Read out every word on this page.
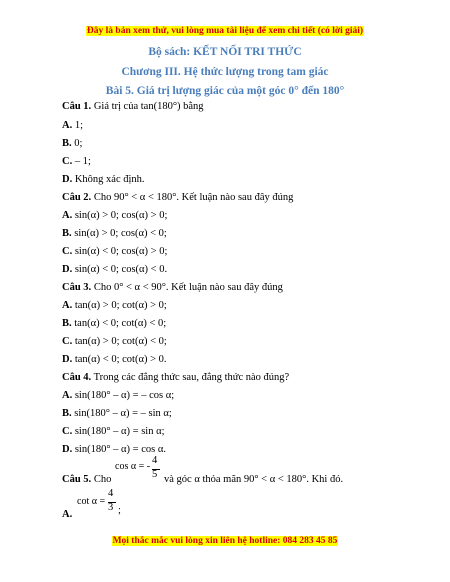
Đây là bản xem thử, vui lòng mua tài liệu để xem chi tiết (có lời giải)
Bộ sách: KẾT NỐI TRI THỨC
Chương III. Hệ thức lượng trong tam giác
Bài 5. Giá trị lượng giác của một góc 0° đến 180°
Câu 1. Giá trị của tan(180°) bằng
A. 1;
B. 0;
C. – 1;
D. Không xác định.
Câu 2. Cho 90° < α < 180°. Kết luận nào sau đây đúng
A. sin(α) > 0; cos(α) > 0;
B. sin(α) > 0; cos(α) < 0;
C. sin(α) < 0; cos(α) > 0;
D. sin(α) < 0; cos(α) < 0.
Câu 3. Cho 0° < α < 90°. Kết luận nào sau đây đúng
A. tan(α) > 0; cot(α) > 0;
B. tan(α) < 0; cot(α) < 0;
C. tan(α) > 0; cot(α) < 0;
D. tan(α) < 0; cot(α) > 0.
Câu 4. Trong các đẳng thức sau, đẳng thức nào đúng?
A. sin(180° – α) = – cos α;
B. sin(180° – α) = – sin α;
C. sin(180° – α) = sin α;
D. sin(180° – α) = cos α.
Câu 5. Cho
cos α = -
4
5 và góc α thỏa mãn 90° < α < 180°. Khi đó.
A.
cot α =
4
3 ;
Mọi thắc mắc vui lòng xin liên hệ hotline: 084 283 45 85
